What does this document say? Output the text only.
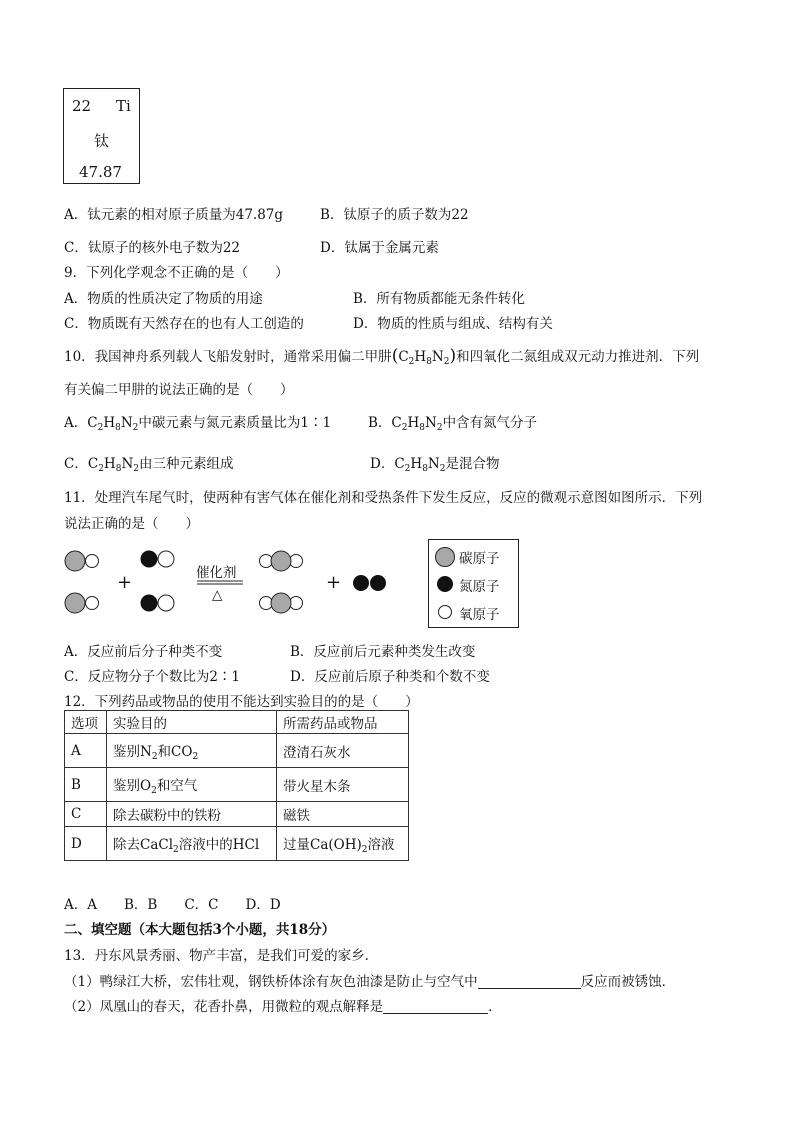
22 Ti
钛
47.87
A．钛元素的相对原子质量为47.87g	B．钛原子的质子数为22
C．钛原子的核外电子数为22	D．钛属于金属元素
9．下列化学观念不正确的是（　　）
A．物质的性质决定了物质的用途	B．所有物质都能无条件转化
C．物质既有天然存在的也有人工创造的	D．物质的性质与组成、结构有关
10．我国神舟系列载人飞船发射时，通常采用偏二甲肼$(C_2H_8N_2)$和四氧化二氮组成双元动力推进剂．下列
有关偏二甲肼的说法正确的是（　　）
A．$C_2H_8N_2$中碳元素与氮元素质量比为1∶1	B．$C_2H_8N_2$中含有氮气分子
C．$C_2H_8N_2$由三种元素组成	D．$C_2H_8N_2$是混合物
11．处理汽车尾气时，使两种有害气体在催化剂和受热条件下发生反应，反应的微观示意图如图所示．下列
说法正确的是（　　）
+	催化剂
△
+
碳原子
氮原子
氧原子
A．反应前后分子种类不变	B．反应前后元素种类发生改变
C．反应物分子个数比为2∶1	D．反应前后原子种类和个数不变
12．下列药品或物品的使用不能达到实验目的的是（　　）
选项	实验目的	所需药品或物品
A	鉴别$N_2$和$CO_2$	澄清石灰水
B	鉴别$O_2$和空气	带火星木条
C	除去碳粉中的铁粉	磁铁
D	除去CaCl$_2$溶液中的HCl	过量$Ca(OH)_2$溶液
A．A　　B．B　　C．C　　D．D
二、填空题（本大题包括3个小题，共18分）
13．丹东风景秀丽、物产丰富，是我们可爱的家乡．
（1）鸭绿江大桥，宏伟壮观，钢铁桥体涂有灰色油漆是防止与空气中	反应而被锈蚀．
（2）凤凰山的春天，花香扑鼻，用微粒的观点解释是	．
